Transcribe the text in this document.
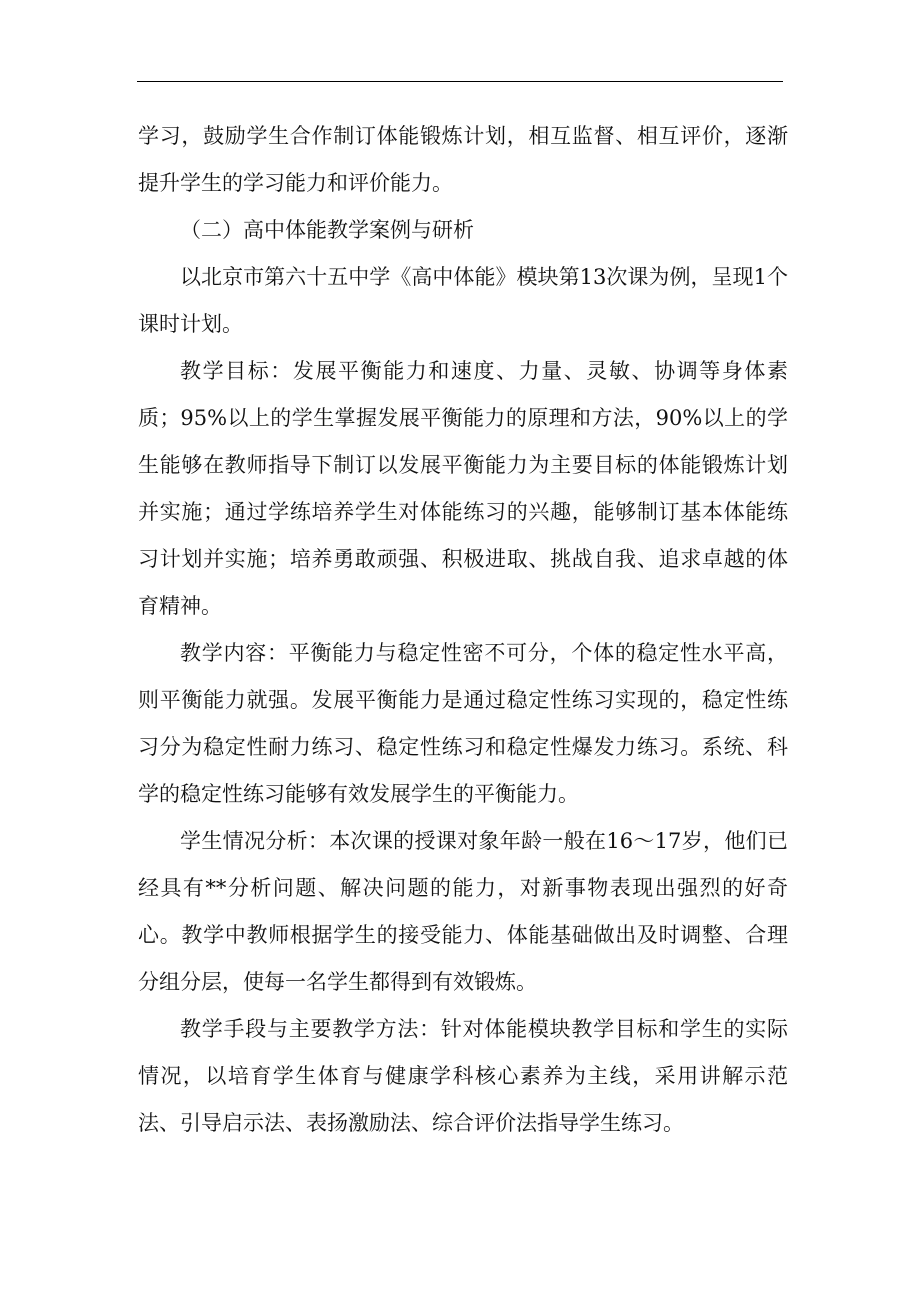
学习，鼓励学生合作制订体能锻炼计划，相互监督、相互评价，逐渐提升学生的学习能力和评价能力。

（二）高中体能教学案例与研析

以北京市第六十五中学《高中体能》模块第13次课为例，呈现1个课时计划。

教学目标：发展平衡能力和速度、力量、灵敏、协调等身体素质；95%以上的学生掌握发展平衡能力的原理和方法，90%以上的学生能够在教师指导下制订以发展平衡能力为主要目标的体能锻炼计划并实施；通过学练培养学生对体能练习的兴趣，能够制订基本体能练习计划并实施；培养勇敢顽强、积极进取、挑战自我、追求卓越的体育精神。

教学内容：平衡能力与稳定性密不可分，个体的稳定性水平高，则平衡能力就强。发展平衡能力是通过稳定性练习实现的，稳定性练习分为稳定性耐力练习、稳定性练习和稳定性爆发力练习。系统、科学的稳定性练习能够有效发展学生的平衡能力。

学生情况分析：本次课的授课对象年龄一般在16～17岁，他们已经具有**分析问题、解决问题的能力，对新事物表现出强烈的好奇心。教学中教师根据学生的接受能力、体能基础做出及时调整、合理分组分层，使每一名学生都得到有效锻炼。

教学手段与主要教学方法：针对体能模块教学目标和学生的实际情况，以培育学生体育与健康学科核心素养为主线，采用讲解示范法、引导启示法、表扬激励法、综合评价法指导学生练习。
